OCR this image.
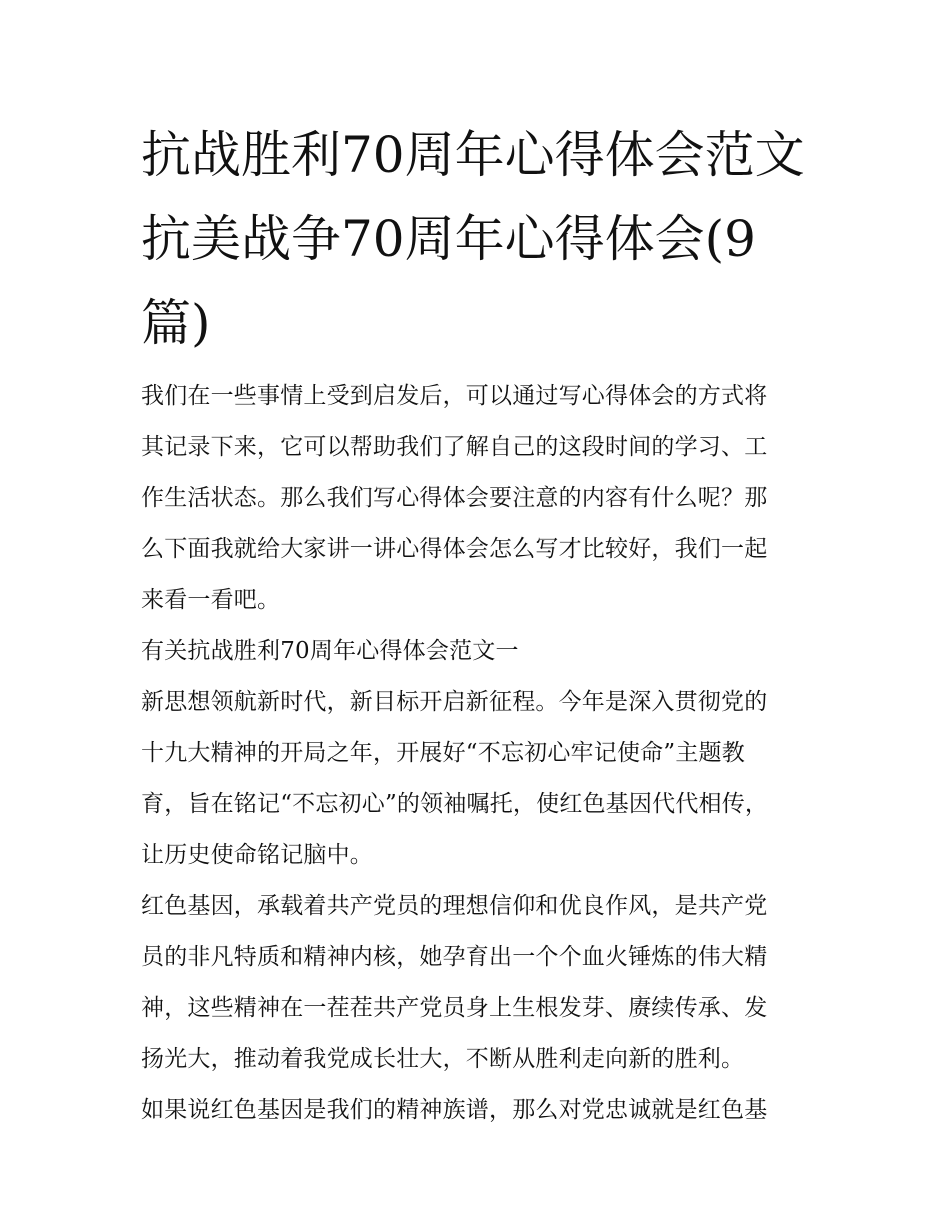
抗战胜利70周年心得体会范文
抗美战争70周年心得体会(9
篇)

我们在一些事情上受到启发后，可以通过写心得体会的方式将
其记录下来，它可以帮助我们了解自己的这段时间的学习、工
作生活状态。那么我们写心得体会要注意的内容有什么呢？那
么下面我就给大家讲一讲心得体会怎么写才比较好，我们一起
来看一看吧。

有关抗战胜利70周年心得体会范文一

新思想领航新时代，新目标开启新征程。今年是深入贯彻党的
十九大精神的开局之年，开展好“不忘初心牢记使命”主题教
育，旨在铭记“不忘初心”的领袖嘱托，使红色基因代代相传，
让历史使命铭记脑中。

红色基因，承载着共产党员的理想信仰和优良作风，是共产党
员的非凡特质和精神内核，她孕育出一个个血火锤炼的伟大精
神，这些精神在一茬茬共产党员身上生根发芽、赓续传承、发
扬光大，推动着我党成长壮大，不断从胜利走向新的胜利。

如果说红色基因是我们的精神族谱，那么对党忠诚就是红色基
